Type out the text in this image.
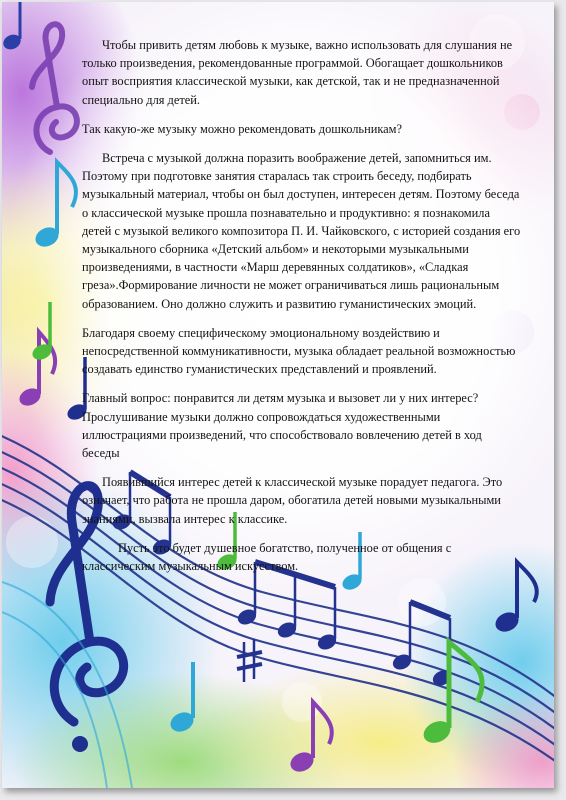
Чтобы привить детям любовь к музыке, важно использовать для слушания не только произведения, рекомендованные программой. Обогащает дошкольников опыт восприятия классической музыки, как детской, так и не предназначенной специально для детей.

Так какую-же музыку можно рекомендовать дошкольникам?

Встреча с музыкой должна поразить воображение детей, запомниться им. Поэтому при подготовке занятия старалась так строить беседу, подбирать музыкальный материал, чтобы он был доступен, интересен детям. Поэтому беседа о классической музыке прошла познавательно и продуктивно: я познакомила детей с музыкой великого композитора П. И. Чайковского, с историей создания его музыкального сборника «Детский альбом» и некоторыми музыкальными произведениями, в частности «Марш деревянных солдатиков», «Сладкая греза».Формирование личности не может ограничиваться лишь рациональным образованием. Оно должно служить и развитию гуманистических эмоций.

Благодаря своему специфическому эмоциональному воздействию и непосредственной коммуникативности, музыка обладает реальной возможностью создавать единство гуманистических представлений и проявлений.

Главный вопрос: понравится ли детям музыка и вызовет ли у них интерес? Прослушивание музыки должно сопровождаться художественными иллюстрациями произведений, что способствовало вовлечению детей в ход беседы

Появившийся интерес детей к классической музыке порадует педагога. Это означает, что работа не прошла даром, обогатила детей новыми музыкальными знаниями, вызвала интерес к классике.

Пусть это будет душевное богатство, полученное от общения с классическим музыкальным искусством.
